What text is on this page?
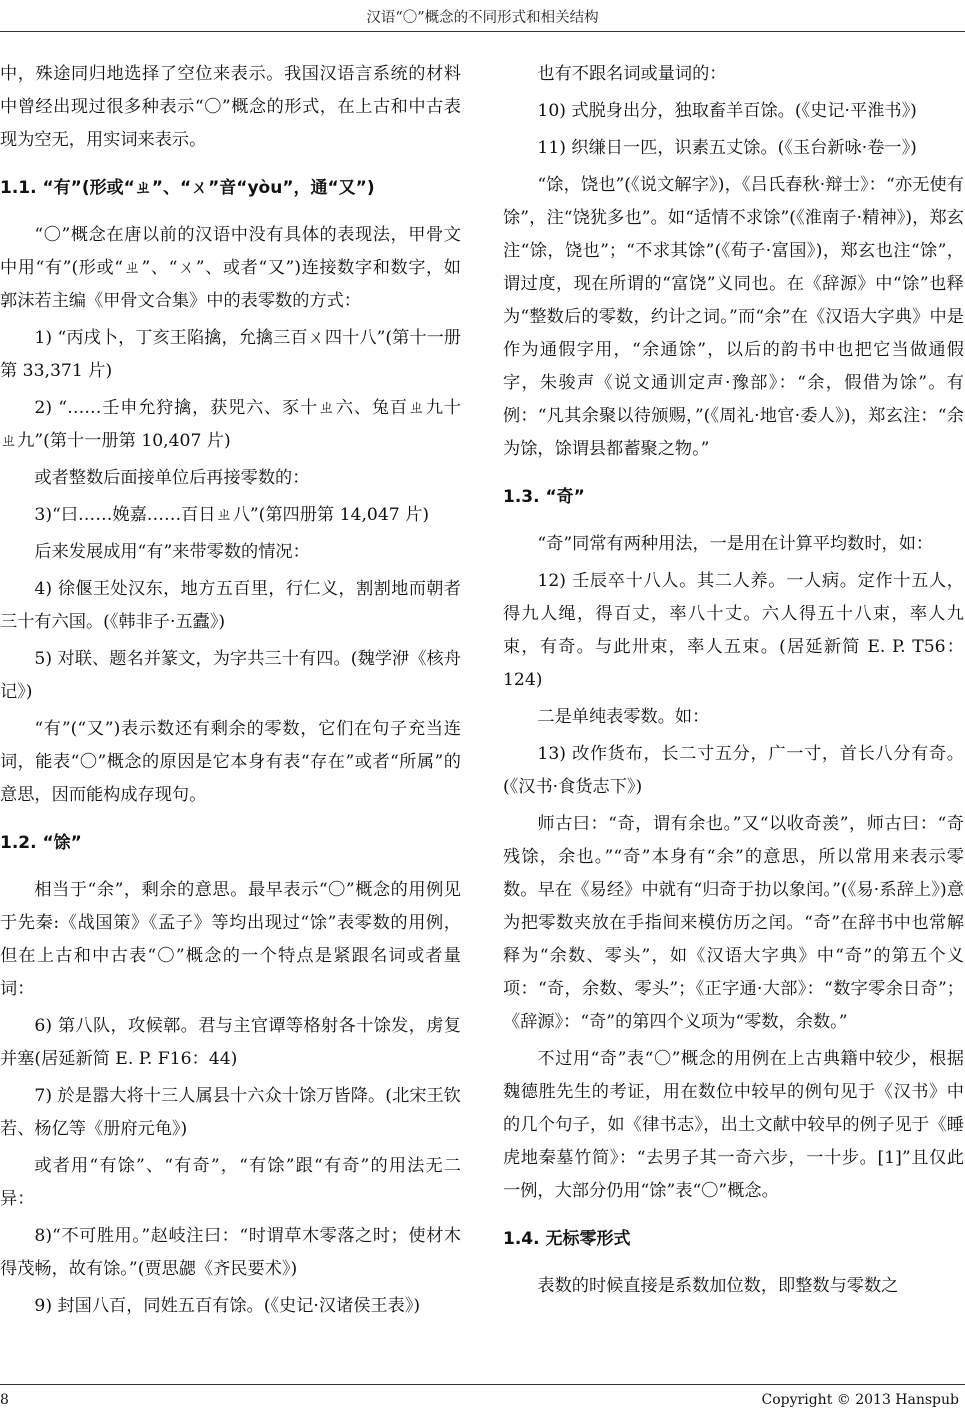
汉语“〇”概念的不同形式和相关结构

中，殊途同归地选择了空位来表示。我国汉语言系统的材料中曾经出现过很多种表示“〇”概念的形式，在上古和中古表现为空无，用实词来表示。

1.1. “有”(形或“ㄓ”、“ㄨ”音“yòu”，通“又”)

“〇”概念在唐以前的汉语中没有具体的表现法，甲骨文中用“有”(形或“ㄓ”、“ㄨ”、或者“又”)连接数字和数字，如郭沫若主编《甲骨文合集》中的表零数的方式：

1) “丙戌卜，丁亥王陷擒，允擒三百ㄨ四十八”(第十一册第 33,371 片)

2) “……壬申允狩擒，获兕六、豕十ㄓ六、兔百ㄓ九十ㄓ九”(第十一册第 10,407 片)

或者整数后面接单位后再接零数的：

3)“曰……娩嘉……百日ㄓ八”(第四册第 14,047 片)

后来发展成用“有”来带零数的情况：

4) 徐偃王处汉东，地方五百里，行仁义，割割地而朝者三十有六国。(《韩非子·五蠹》)

5) 对联、题名并篆文，为字共三十有四。(魏学洢《核舟记》)

“有”(“又”)表示数还有剩余的零数，它们在句子充当连词，能表“〇”概念的原因是它本身有表“存在”或者“所属”的意思，因而能构成存现句。

1.2. “馀”

相当于“余”，剩余的意思。最早表示“〇”概念的用例见于先秦:《战国策》《孟子》等均出现过“馀”表零数的用例，但在上古和中古表“〇”概念的一个特点是紧跟名词或者量词：

6) 第八队，攻候鄣。君与主官谭等格射各十馀发，虏复并塞(居延新简 E. P. F16：44)

7) 於是嚣大将十三人属县十六众十馀万皆降。(北宋王钦若、杨亿等《册府元龟》)

或者用“有馀”、“有奇”，“有馀”跟“有奇”的用法无二异：

8)“不可胜用。”赵岐注曰：“时谓草木零落之时；使材木得茂畅，故有馀。”(贾思勰《齐民要术》)

9) 封国八百，同姓五百有馀。(《史记·汉诸侯王表》)

也有不跟名词或量词的：

10) 式脱身出分，独取畜羊百馀。(《史记·平淮书》)

11) 织缣日一匹，识素五丈馀。(《玉台新咏·卷一》)

“馀，饶也”(《说文解字》)，《吕氏春秋·辩士》：“亦无使有馀”，注“饶犹多也”。如“适情不求馀”(《淮南子·精神》)，郑玄注“馀，饶也”；“不求其馀”(《荀子·富国》)，郑玄也注“馀”，谓过度，现在所谓的“富饶”义同也。在《辞源》中“馀”也释为“整数后的零数，约计之词。”而“余”在《汉语大字典》中是作为通假字用，“余通馀”，以后的韵书中也把它当做通假字，朱骏声《说文通训定声·豫部》：“余，假借为馀”。有例：“凡其余聚以待颁赐，”(《周礼·地官·委人》)，郑玄注：“余为馀，馀谓县都蓄聚之物。”

1.3. “奇”

“奇”同常有两种用法，一是用在计算平均数时，如：

12) 壬辰卒十八人。其二人养。一人病。定作十五人，得九人绳，得百丈，率八十丈。六人得五十八束，率人九束，有奇。与此卅束，率人五束。(居延新简 E. P. T56：124)

二是单纯表零数。如：

13) 改作货布，长二寸五分，广一寸，首长八分有奇。(《汉书·食货志下》)

师古曰：“奇，谓有余也。”又“以收奇羡”，师古曰：“奇残馀，余也。”“奇”本身有“余”的意思，所以常用来表示零数。早在《易经》中就有“归奇于扐以象闰。”(《易·系辞上》)意为把零数夹放在手指间来模仿历之闰。“奇”在辞书中也常解释为“余数、零头”，如《汉语大字典》中“奇”的第五个义项：“奇，余数、零头”；《正字通·大部》：“数字零余日奇”；《辞源》：“奇”的第四个义项为“零数，余数。”

不过用“奇”表“〇”概念的用例在上古典籍中较少，根据魏德胜先生的考证，用在数位中较早的例句见于《汉书》中的几个句子，如《律书志》，出土文献中较早的例子见于《睡虎地秦墓竹简》：“去男子其一奇六步，一十步。[1]”且仅此一例，大部分仍用“馀”表“〇”概念。

1.4. 无标零形式

表数的时候直接是系数加位数，即整数与零数之

8	Copyright © 2013 Hanspub
